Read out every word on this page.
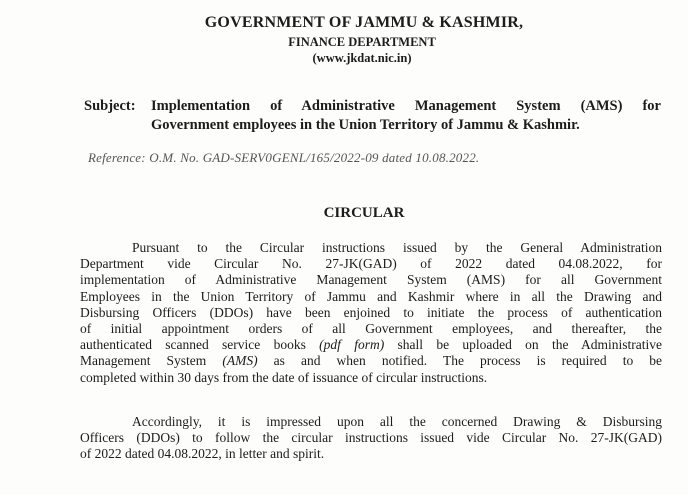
GOVERNMENT OF JAMMU & KASHMIR,
FINANCE DEPARTMENT
(www.jkdat.nic.in)
Subject: Implementation of Administrative Management System (AMS) for
Government employees in the Union Territory of Jammu & Kashmir.
Reference: O.M. No. GAD-SERV0GENL/165/2022-09 dated 10.08.2022.
CIRCULAR
Pursuant to the Circular instructions issued by the General Administration
Department vide Circular No. 27-JK(GAD) of 2022 dated 04.08.2022, for
implementation of Administrative Management System (AMS) for all Government
Employees in the Union Territory of Jammu and Kashmir where in all the Drawing and
Disbursing Officers (DDOs) have been enjoined to initiate the process of authentication
of initial appointment orders of all Government employees, and thereafter, the
authenticated scanned service books (pdf form) shall be uploaded on the Administrative
Management System (AMS) as and when notified. The process is required to be
completed within 30 days from the date of issuance of circular instructions.
Accordingly, it is impressed upon all the concerned Drawing & Disbursing
Officers (DDOs) to follow the circular instructions issued vide Circular No. 27-JK(GAD)
of 2022 dated 04.08.2022, in letter and spirit.
